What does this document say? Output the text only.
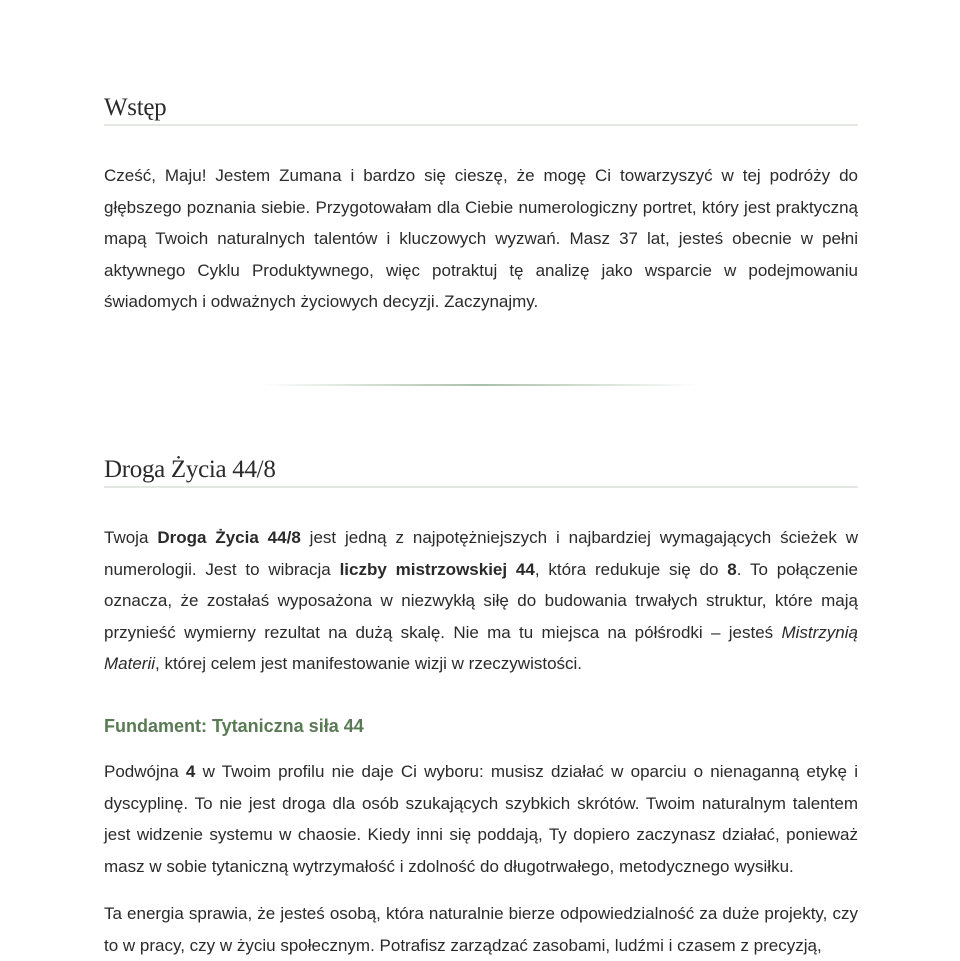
Wstęp

Cześć, Maju! Jestem Zumana i bardzo się cieszę, że mogę Ci towarzyszyć w tej podróży do głębszego poznania siebie. Przygotowałam dla Ciebie numerologiczny portret, który jest praktyczną mapą Twoich naturalnych talentów i kluczowych wyzwań. Masz 37 lat, jesteś obecnie w pełni aktywnego Cyklu Produktywnego, więc potraktuj tę analizę jako wsparcie w podejmowaniu świadomych i odważnych życiowych decyzji. Zaczynajmy.

Droga Życia 44/8

Twoja Droga Życia 44/8 jest jedną z najpotężniejszych i najbardziej wymagających ścieżek w numerologii. Jest to wibracja liczby mistrzowskiej 44, która redukuje się do 8. To połączenie oznacza, że zostałaś wyposażona w niezwykłą siłę do budowania trwałych struktur, które mają przynieść wymierny rezultat na dużą skalę. Nie ma tu miejsca na półśrodki – jesteś Mistrzynią Materii, której celem jest manifestowanie wizji w rzeczywistości.

Fundament: Tytaniczna siła 44

Podwójna 4 w Twoim profilu nie daje Ci wyboru: musisz działać w oparciu o nienaganną etykę i dyscyplinę. To nie jest droga dla osób szukających szybkich skrótów. Twoim naturalnym talentem jest widzenie systemu w chaosie. Kiedy inni się poddają, Ty dopiero zaczynasz działać, ponieważ masz w sobie tytaniczną wytrzymałość i zdolność do długotrwałego, metodycznego wysiłku.

Ta energia sprawia, że jesteś osobą, która naturalnie bierze odpowiedzialność za duże projekty, czy to w pracy, czy w życiu społecznym. Potrafisz zarządzać zasobami, ludźmi i czasem z precyzją,
